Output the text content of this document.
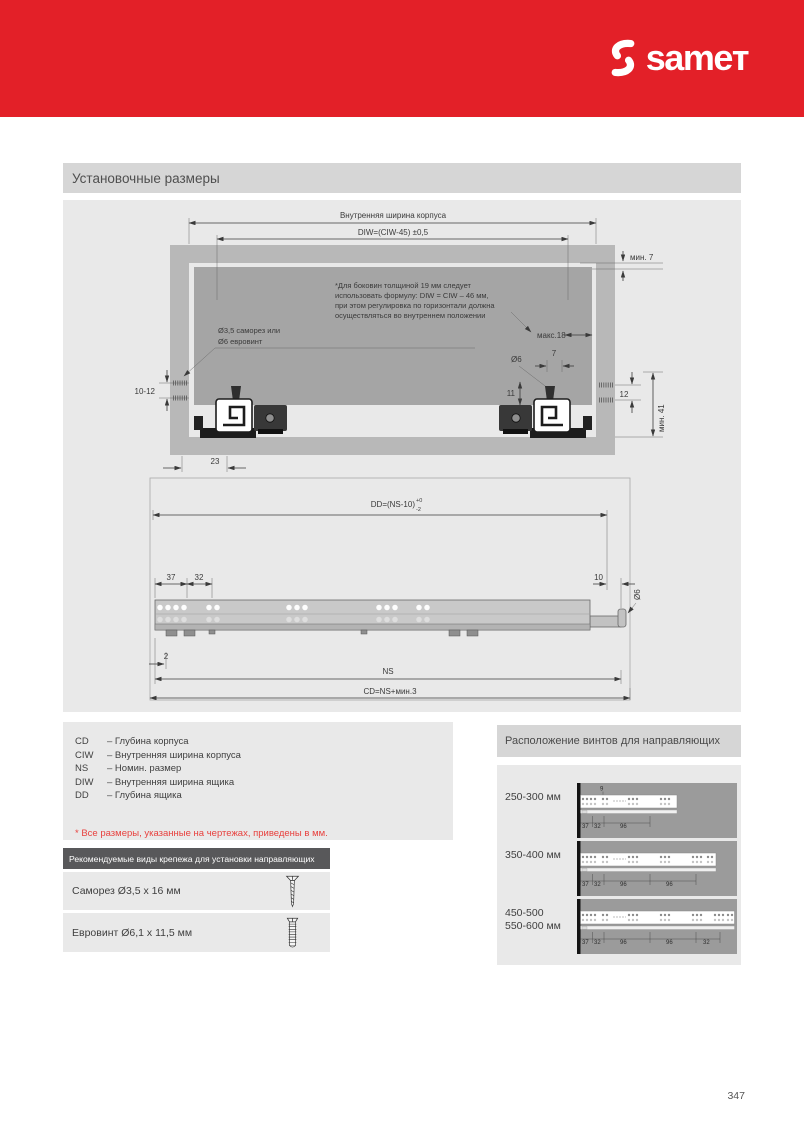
sameт
Установочные размеры
Внутренняя ширина корпуса
DIW=(CIW-45) ±0,5
мин. 7
*Для боковин толщиной 19 мм следует
использовать формулу: DIW = CIW – 46 мм,
при этом регулировка по горизонтали должна
осуществляться во внутреннем положении
Ø3,5 саморез или
Ø6 евровинт
макс.18
Ø6
7
11	12
мин. 41
10-12
23
DD=(NS-10) +0
-2
37 32	10
Ø6
2
NS
CD=NS+мин.3
CD	– Глубина корпуса
CIW	– Внутренняя ширина корпуса
NS	– Номин. размер
DIW	– Внутренняя ширина ящика
DD	– Глубина ящика
* Все размеры, указанные на чертежах, приведены в мм.
Рекомендуемые виды крепежа для установки направляющих
Саморез Ø3,5 x 16 мм
Евровинт Ø6,1 x 11,5 мм
Расположение винтов для направляющих
250-300 мм
9
37 32	96
350-400 мм
37 32	96	96
450-500
550-600 мм
37 32	96	96	32
347
